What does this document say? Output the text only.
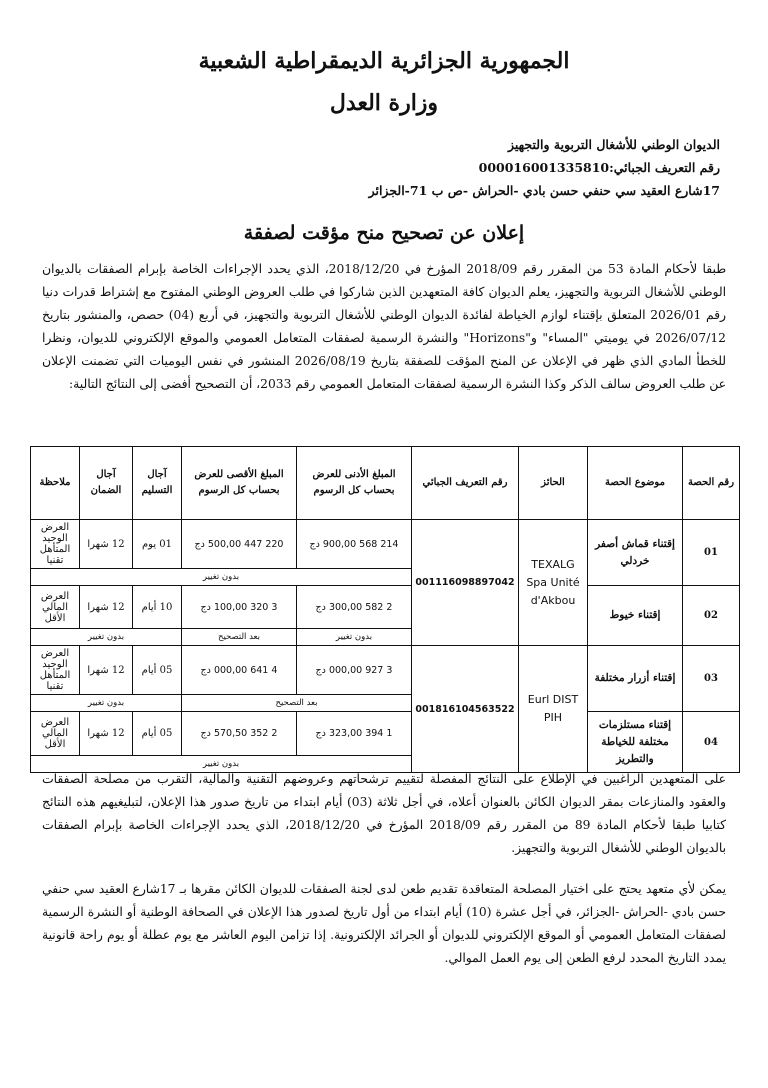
الجمهورية الجزائرية الديمقراطية الشعبية
وزارة العدل
الديوان الوطني للأشغال التربوية والتجهيز
رقم التعريف الجبائي:000016001335810
17شارع العقيد سي حنفي حسن بادي -الحراش -ص ب 71-الجزائر
إعلان عن تصحيح منح مؤقت لصفقة
طبقا لأحكام المادة 53 من المقرر رقم 2018/09 المؤرخ في 2018/12/20، الذي يحدد الإجراءات الخاصة بإبرام الصفقات بالديوان الوطني للأشغال التربوية والتجهيز، يعلم الديوان كافة المتعهدين الذين شاركوا في طلب العروض الوطني المفتوح مع إشتراط قدرات دنيا رقم 2026/01 المتعلق بإقتناء لوازم الخياطة لفائدة الديوان الوطني للأشغال التربوية والتجهيز، في أربع (04) حصص، والمنشور بتاريخ 2026/07/12 في يوميتي "المساء" و"Horizons" والنشرة الرسمية لصفقات المتعامل العمومي والموقع الإلكتروني للديوان، ونظرا للخطأ المادي الذي ظهر في الإعلان عن المنح المؤقت للصفقة بتاريخ 2026/08/19 المنشور في نفس اليوميات التي تضمنت الإعلان عن طلب العروض سالف الذكر وكذا النشرة الرسمية لصفقات المتعامل العمومي رقم 2033، أن التصحيح أفضى إلى النتائج التالية:
رقم الحصة	موضوع الحصة	الحائز	رقم التعريف الجبائي	المبلغ الأدنى للعرض بحساب كل الرسوم	المبلغ الأقصى للعرض بحساب كل الرسوم	آجال التسليم	آجال الضمان	ملاحظة
01	إقتناء قماش أصفر خردلي	TEXALG
Spa Unité
d'Akbou	001116098897042	214 568 900,00 دج	220 447 500,00 دج	01 يوم	12 شهرا	العرض الوحيد المتأهل تقنيا
				بدون تغيير				
02	إقتناء خيوط			2 582 300,00 دج	3 320 100,00 دج	10 أيام	12 شهرا	العرض المالي الأقل
				بدون تغيير	بعد التصحيح	بدون تغيير		
03	إقتناء أزرار مختلفة	Eurl DIST
PIH	001816104563522	3 927 000,00 دج	4 641 000,00 دج	05 أيام	12 شهرا	العرض الوحيد المتأهل تقنيا
				بعد التصحيح		بدون تغيير		
04	إقتناء مستلزمات مختلفة للخياطة والتطريز			1 394 323,00 دج	2 352 570,50 دج	05 أيام	12 شهرا	العرض المالي الأقل
				بدون تغيير				
على المتعهدين الراغبين في الإطلاع على النتائج المفصلة لتقييم ترشحاتهم وعروضهم التقنية والمالية، التقرب من مصلحة الصفقات والعقود والمنازعات بمقر الديوان الكائن بالعنوان أعلاه، في أجل ثلاثة (03) أيام ابتداء من تاريخ صدور هذا الإعلان، لتبليغيهم هذه النتائج كتابيا طبقا لأحكام المادة 89 من المقرر رقم 2018/09 المؤرخ في 2018/12/20، الذي يحدد الإجراءات الخاصة بإبرام الصفقات بالديوان الوطني للأشغال التربوية والتجهيز.
يمكن لأي متعهد يحتج على اختيار المصلحة المتعاقدة تقديم طعن لدى لجنة الصفقات للديوان الكائن مقرها بـ 17شارع العقيد سي حنفي حسن بادي -الحراش -الجزائر، في أجل عشرة (10) أيام ابتداء من أول تاريخ لصدور هذا الإعلان في الصحافة الوطنية أو النشرة الرسمية لصفقات المتعامل العمومي أو الموقع الإلكتروني للديوان أو الجرائد الإلكترونية. إذا تزامن اليوم العاشر مع يوم عطلة أو يوم راحة قانونية يمدد التاريخ المحدد لرفع الطعن إلى يوم العمل الموالي.
